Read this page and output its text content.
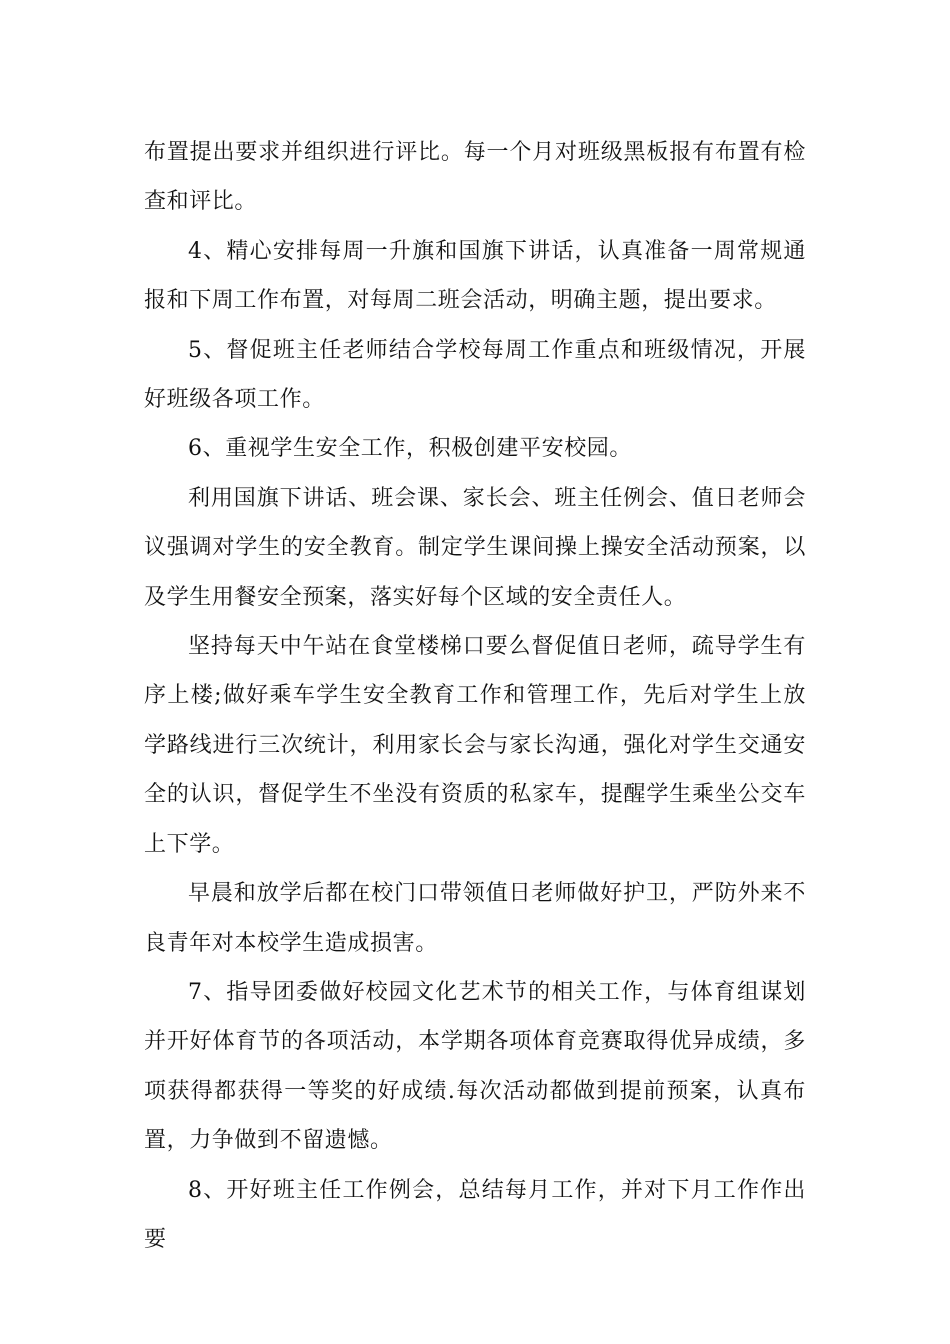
布置提出要求并组织进行评比。每一个月对班级黑板报有布置有检查和评比。

4、精心安排每周一升旗和国旗下讲话，认真准备一周常规通报和下周工作布置，对每周二班会活动，明确主题，提出要求。

5、督促班主任老师结合学校每周工作重点和班级情况，开展好班级各项工作。

6、重视学生安全工作，积极创建平安校园。

利用国旗下讲话、班会课、家长会、班主任例会、值日老师会议强调对学生的安全教育。制定学生课间操上操安全活动预案，以及学生用餐安全预案，落实好每个区域的安全责任人。

坚持每天中午站在食堂楼梯口要么督促值日老师，疏导学生有序上楼;做好乘车学生安全教育工作和管理工作，先后对学生上放学路线进行三次统计，利用家长会与家长沟通，强化对学生交通安全的认识，督促学生不坐没有资质的私家车，提醒学生乘坐公交车上下学。

早晨和放学后都在校门口带领值日老师做好护卫，严防外来不良青年对本校学生造成损害。

7、指导团委做好校园文化艺术节的相关工作，与体育组谋划并开好体育节的各项活动，本学期各项体育竞赛取得优异成绩，多项获得都获得一等奖的好成绩.每次活动都做到提前预案，认真布置，力争做到不留遗憾。

8、开好班主任工作例会，总结每月工作，并对下月工作作出要
